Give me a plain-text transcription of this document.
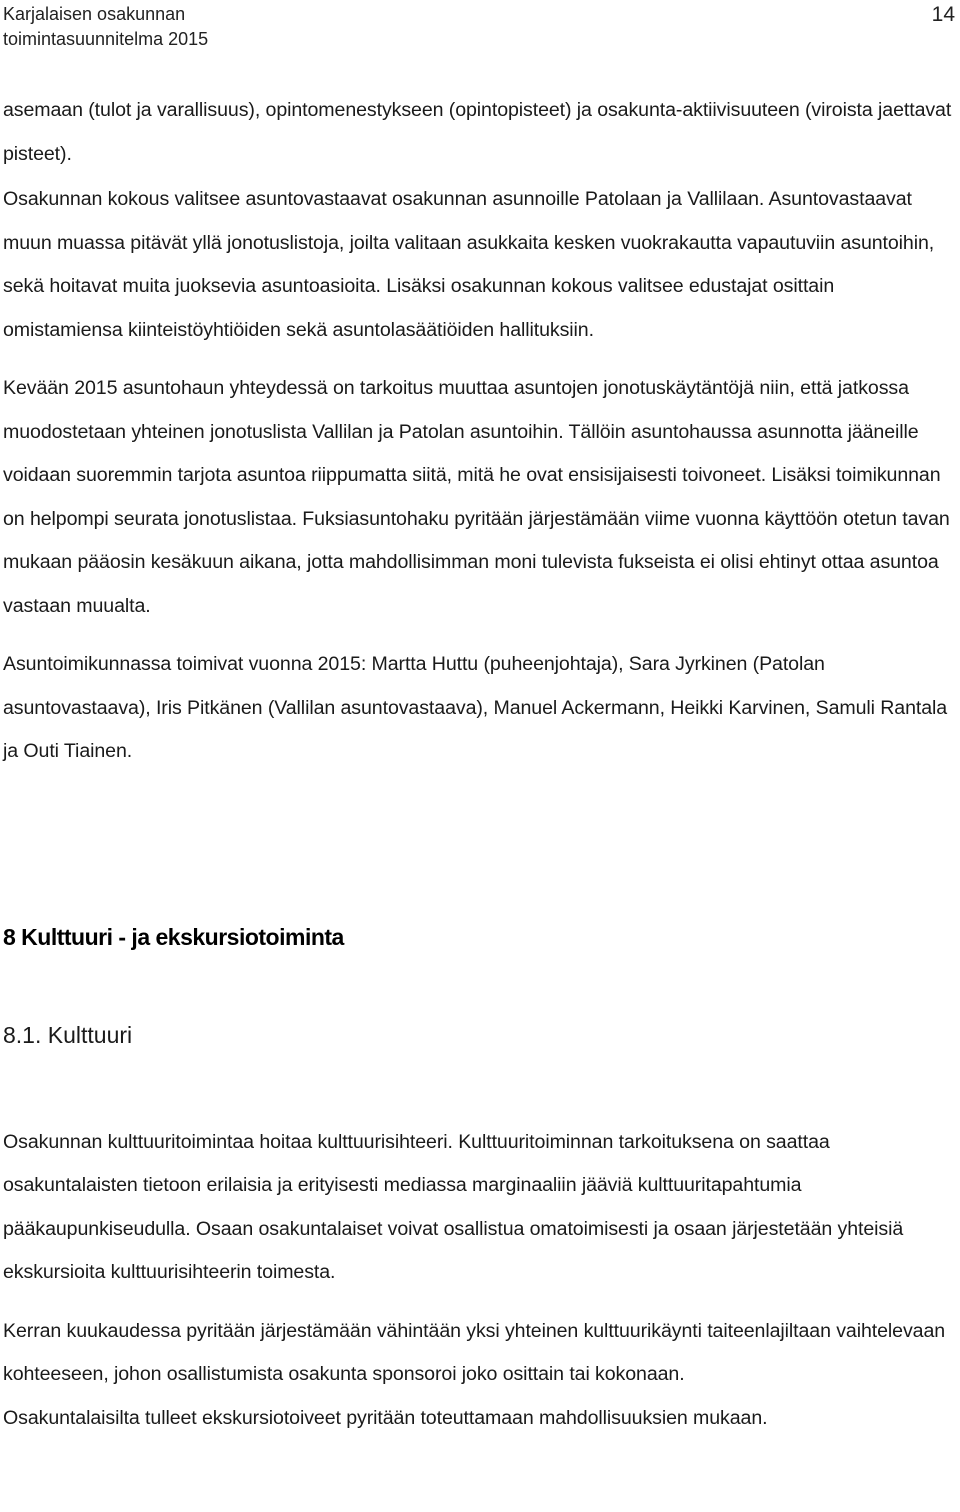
Karjalaisen osakunnan
toimintasuunnitelma 2015
14

asemaan (tulot ja varallisuus), opintomenestykseen (opintopisteet) ja osakunta-aktiivisuuteen (viroista jaettavat pisteet).

Osakunnan kokous valitsee asuntovastaavat osakunnan asunnoille Patolaan ja Vallilaan. Asuntovastaavat muun muassa pitävät yllä jonotuslistoja, joilta valitaan asukkaita kesken vuokrakautta vapautuviin asuntoihin, sekä hoitavat muita juoksevia asuntoasioita. Lisäksi osakunnan kokous valitsee edustajat osittain omistamiensa kiinteistöyhtiöiden sekä asuntolasäätiöiden hallituksiin.

Kevään 2015 asuntohaun yhteydessä on tarkoitus muuttaa asuntojen jonotuskäytäntöjä niin, että jatkossa muodostetaan yhteinen jonotuslista Vallilan ja Patolan asuntoihin. Tällöin asuntohaussa asunnotta jääneille voidaan suoremmin tarjota asuntoa riippumatta siitä, mitä he ovat ensisijaisesti toivoneet. Lisäksi toimikunnan on helpompi seurata jonotuslistaa. Fuksiasuntohaku pyritään järjestämään viime vuonna käyttöön otetun tavan mukaan pääosin kesäkuun aikana, jotta mahdollisimman moni tulevista fukseista ei olisi ehtinyt ottaa asuntoa vastaan muualta.

Asuntoimikunnassa toimivat vuonna 2015: Martta Huttu (puheenjohtaja), Sara Jyrkinen (Patolan asuntovastaava), Iris Pitkänen (Vallilan asuntovastaava), Manuel Ackermann, Heikki Karvinen, Samuli Rantala ja Outi Tiainen.

8 Kulttuuri - ja ekskursiotoiminta
8.1. Kulttuuri

Osakunnan kulttuuritoimintaa hoitaa kulttuurisihteeri. Kulttuuritoiminnan tarkoituksena on saattaa osakuntalaisten tietoon erilaisia ja erityisesti mediassa marginaaliin jääviä kulttuuritapahtumia pääkaupunkiseudulla. Osaan osakuntalaiset voivat osallistua omatoimisesti ja osaan järjestetään yhteisiä ekskursioita kulttuurisihteerin toimesta.

Kerran kuukaudessa pyritään järjestämään vähintään yksi yhteinen kulttuurikäynti taiteenlajiltaan vaihtelevaan kohteeseen, johon osallistumista osakunta sponsoroi joko osittain tai kokonaan.

Osakuntalaisilta tulleet ekskursiotoiveet pyritään toteuttamaan mahdollisuuksien mukaan.
